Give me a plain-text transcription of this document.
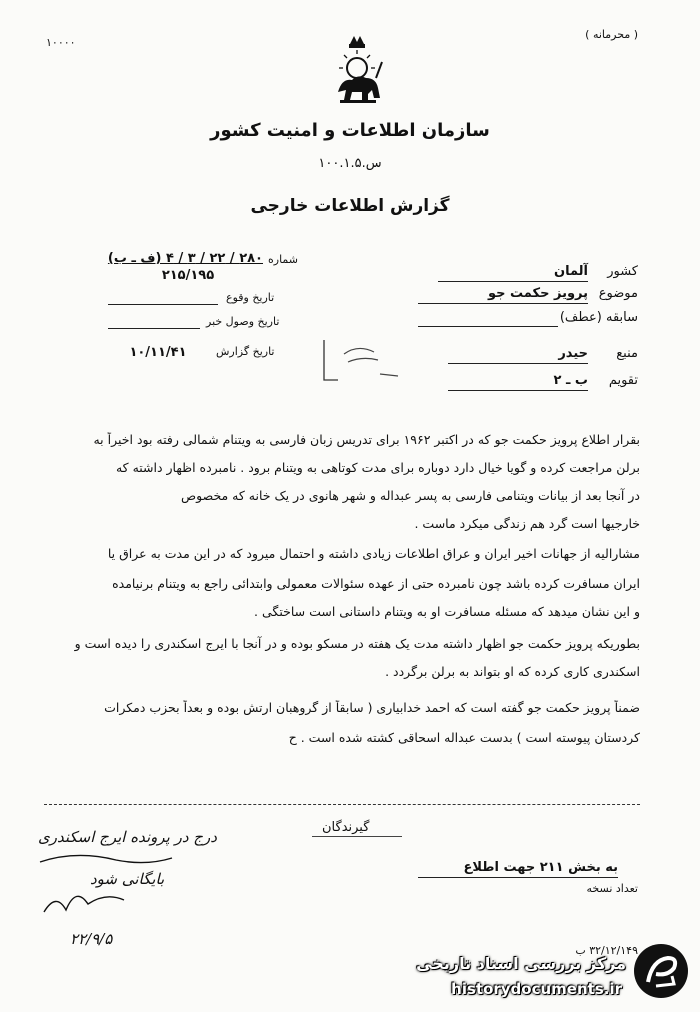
( محرمانه )
۱۰۰۰۰
سازمان اطلاعات و امنیت کشور
س.۱۰۰.۱.۵
گزارش اطلاعات خارجی
کشور
آلمان
موضوع
پرویز حکمت جو
سابقه (عطف)
منبع
حیدر
تقویم
ب ـ ۲
شماره
۲۸۰ / ۲۲ / ۳ / ۴ (ف ـ ب)
۲۱۵/۱۹۵
تاریخ وقوع
تاریخ وصول خبر
تاریخ گزارش
۱۰/۱۱/۴۱
بقرار اطلاع پرویز حکمت جو که در اکتبر ۱۹۶۲ برای تدریس زبان فارسی به ویتنام شمالی رفته بود اخیراً به
برلن مراجعت کرده و گویا خیال دارد دوباره برای مدت کوتاهی به ویتنام برود . نامبرده اظهار داشته که
در آنجا بعد از بیانات ویتنامی فارسی به پسر عبداله و شهر هانوی در یک خانه که مخصوص
خارجیها است گرد هم زندگی میکرد ماست .
مشارالیه از جهانات اخیر ایران و عراق اطلاعات زیادی داشته و احتمال میرود که در این مدت به عراق یا
ایران مسافرت کرده باشد چون نامبرده حتی از عهده سئوالات معمولی وابتدائی راجع به ویتنام برنیامده
و این نشان میدهد که مسئله مسافرت او به ویتنام داستانی است ساختگی .
بطوریکه پرویز حکمت جو اظهار داشته مدت یک هفته در مسکو بوده و در آنجا با ایرج اسکندری را دیده است و
اسکندری کاری کرده که او بتواند به برلن برگردد .
ضمناً پرویز حکمت جو گفته است که احمد خدابیاری ( سابقاً از گروهبان ارتش بوده و بعداً بحزب دمکرات
کردستان پیوسته است ) بدست عبداله اسحاقی کشته شده است . ح
گیرندگان
به بخش ۲۱۱ جهت اطلاع
تعداد نسخه
۳۲/۱۲/۱۴۹ ب
درج در پرونده ایرج اسکندری
بایگانی شود
۲۲/۹/۵
مرکز بررسی اسناد تاریخی
historydocuments.ir
